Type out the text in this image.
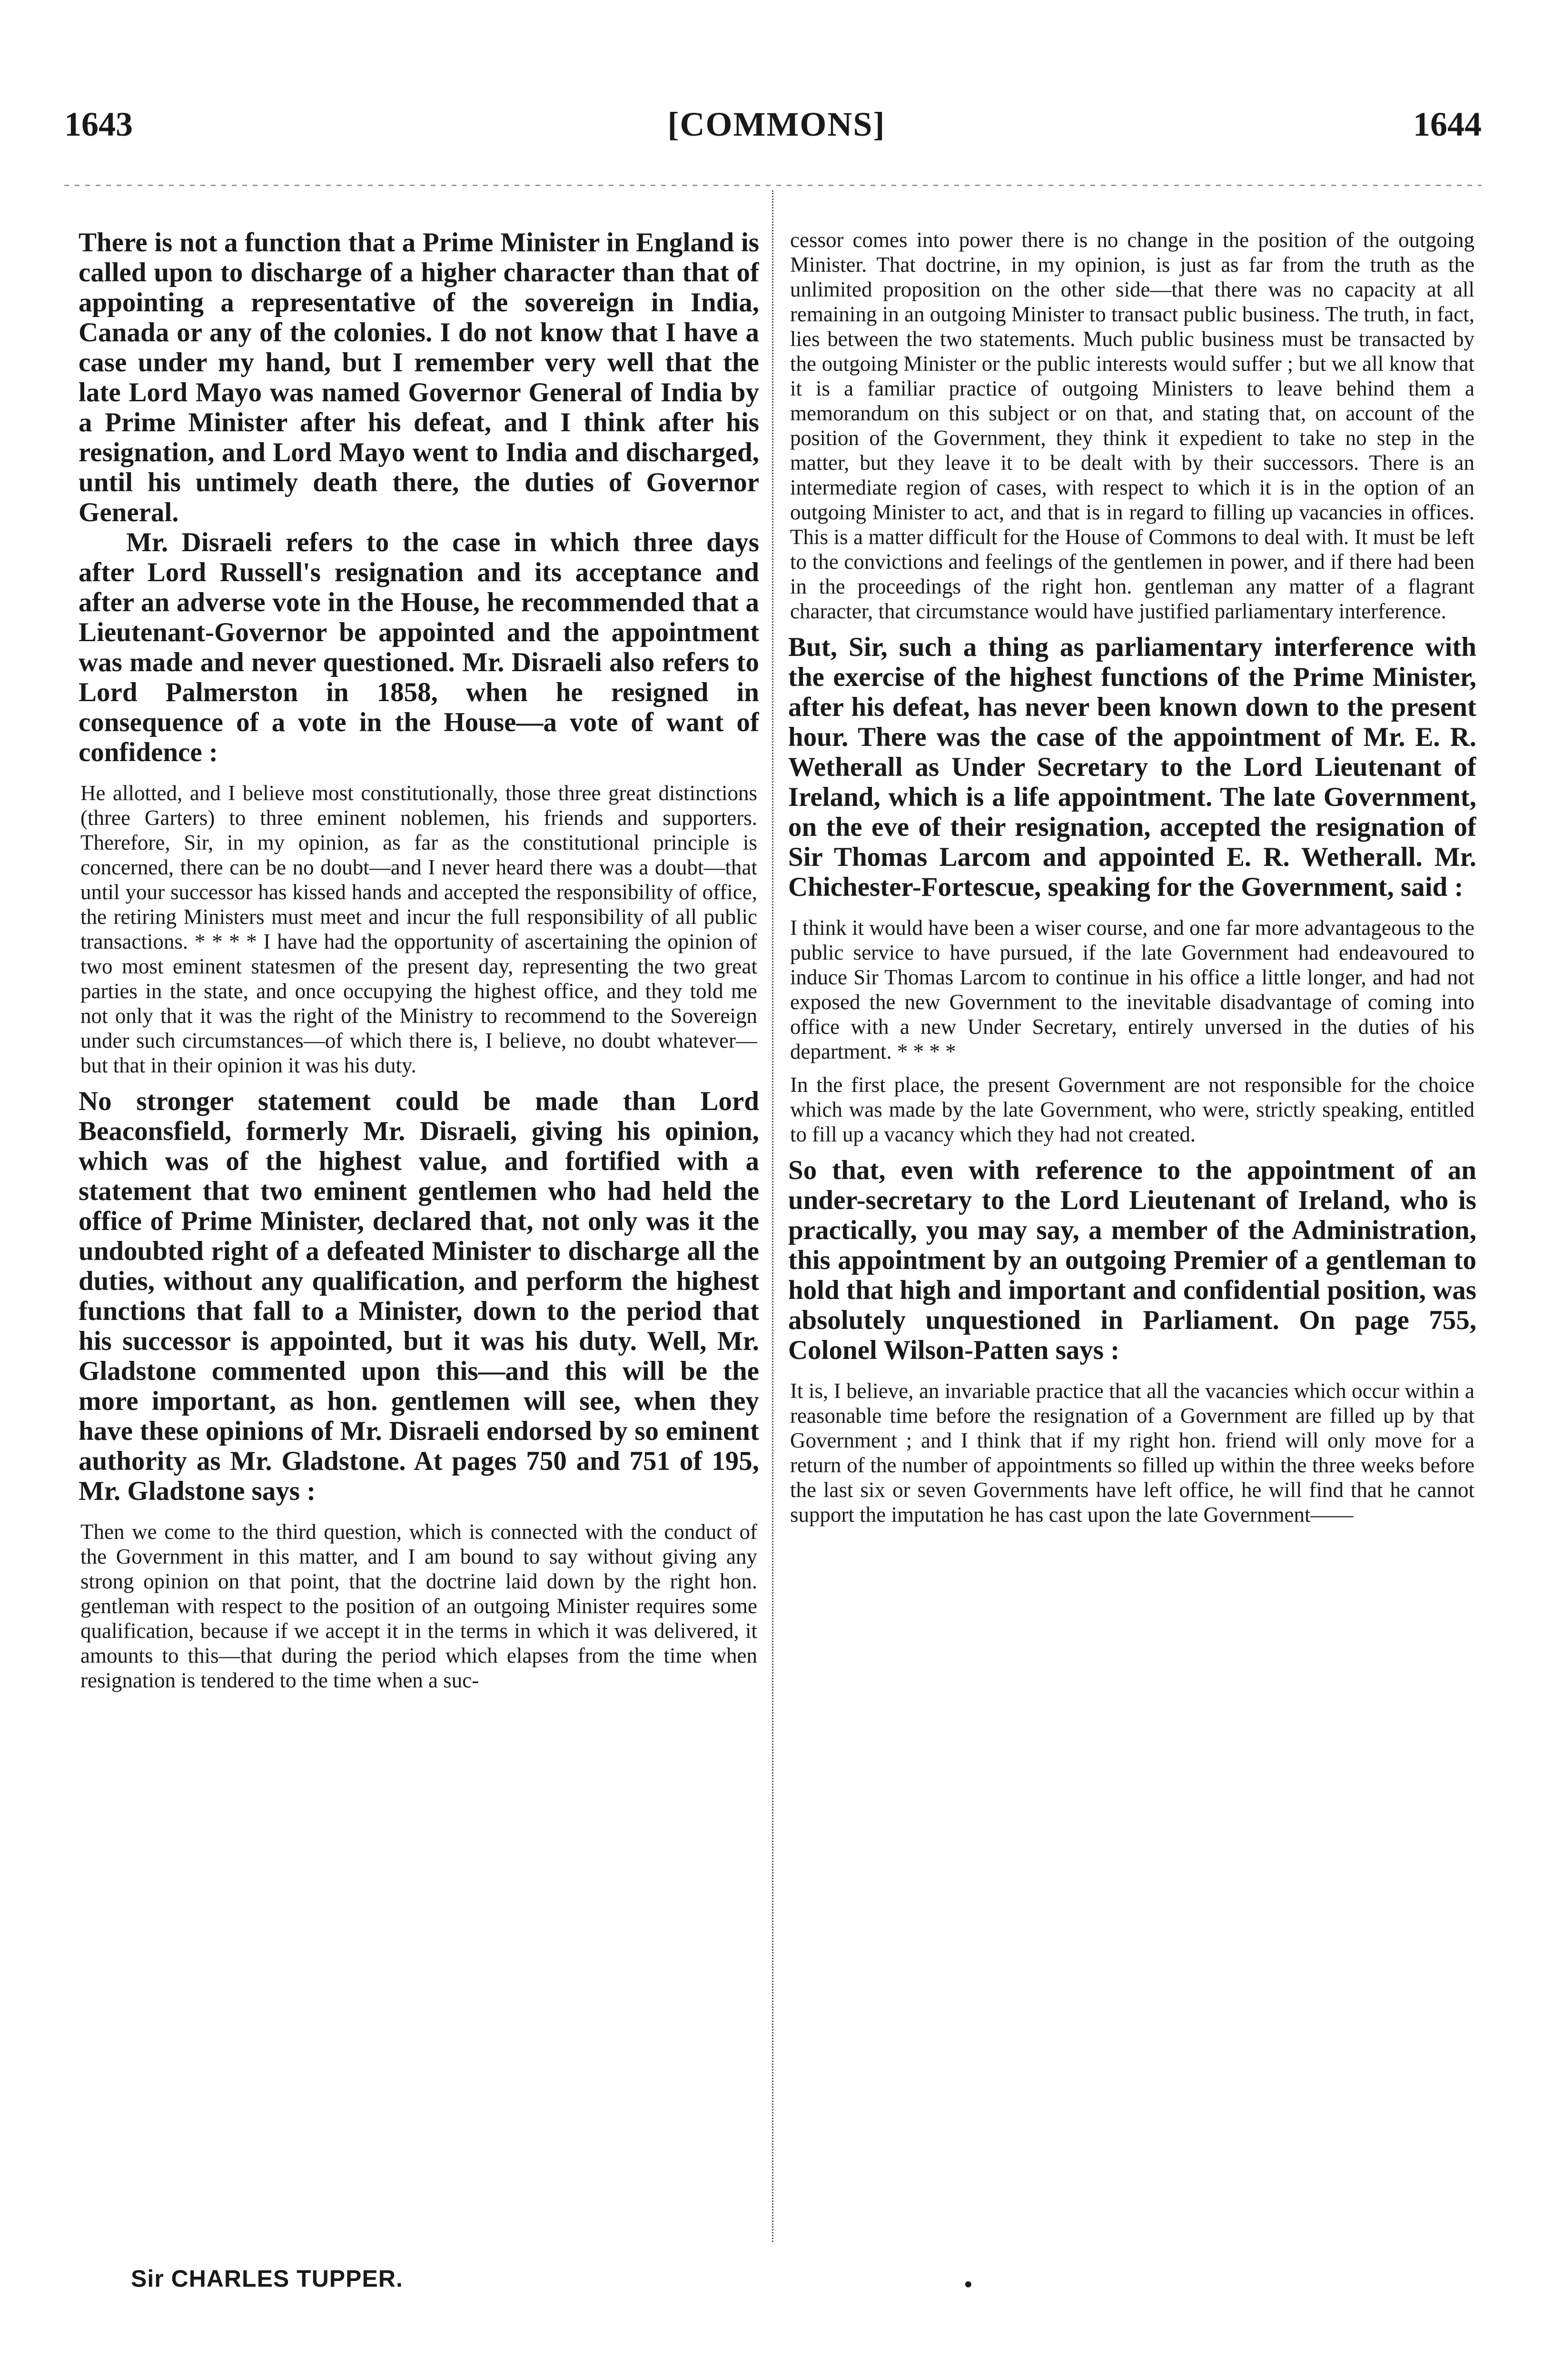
1643	[COMMONS]	1644

There is not a function that a Prime Minister in England is called upon to discharge of a higher character than that of appointing a representative of the sovereign in India, Canada or any of the colonies. I do not know that I have a case under my hand, but I remember very well that the late Lord Mayo was named Governor General of India by a Prime Minister after his defeat, and I think after his resignation, and Lord Mayo went to India and discharged, until his untimely death there, the duties of Governor General.

Mr. Disraeli refers to the case in which three days after Lord Russell's resignation and its acceptance and after an adverse vote in the House, he recommended that a Lieutenant-Governor be appointed and the appointment was made and never questioned. Mr. Disraeli also refers to Lord Palmerston in 1858, when he resigned in consequence of a vote in the House—a vote of want of confidence :

He allotted, and I believe most constitutionally, those three great distinctions (three Garters) to three eminent noblemen, his friends and supporters. Therefore, Sir, in my opinion, as far as the constitutional principle is concerned, there can be no doubt—and I never heard there was a doubt—that until your successor has kissed hands and accepted the responsibility of office, the retiring Ministers must meet and incur the full responsibility of all public transactions. * * * * I have had the opportunity of ascertaining the opinion of two most eminent statesmen of the present day, representing the two great parties in the state, and once occupying the highest office, and they told me not only that it was the right of the Ministry to recommend to the Sovereign under such circumstances—of which there is, I believe, no doubt whatever—but that in their opinion it was his duty.

No stronger statement could be made than Lord Beaconsfield, formerly Mr. Disraeli, giving his opinion, which was of the highest value, and fortified with a statement that two eminent gentlemen who had held the office of Prime Minister, declared that, not only was it the undoubted right of a defeated Minister to discharge all the duties, without any qualification, and perform the highest functions that fall to a Minister, down to the period that his successor is appointed, but it was his duty. Well, Mr. Gladstone commented upon this—and this will be the more important, as hon. gentlemen will see, when they have these opinions of Mr. Disraeli endorsed by so eminent authority as Mr. Gladstone. At pages 750 and 751 of 195, Mr. Gladstone says :

Then we come to the third question, which is connected with the conduct of the Government in this matter, and I am bound to say without giving any strong opinion on that point, that the doctrine laid down by the right hon. gentleman with respect to the position of an outgoing Minister requires some qualification, because if we accept it in the terms in which it was delivered, it amounts to this—that during the period which elapses from the time when resignation is tendered to the time when a suc-

cessor comes into power there is no change in the position of the outgoing Minister. That doctrine, in my opinion, is just as far from the truth as the unlimited proposition on the other side—that there was no capacity at all remaining in an outgoing Minister to transact public business. The truth, in fact, lies between the two statements. Much public business must be transacted by the outgoing Minister or the public interests would suffer ; but we all know that it is a familiar practice of outgoing Ministers to leave behind them a memorandum on this subject or on that, and stating that, on account of the position of the Government, they think it expedient to take no step in the matter, but they leave it to be dealt with by their successors. There is an intermediate region of cases, with respect to which it is in the option of an outgoing Minister to act, and that is in regard to filling up vacancies in offices. This is a matter difficult for the House of Commons to deal with. It must be left to the convictions and feelings of the gentlemen in power, and if there had been in the proceedings of the right hon. gentleman any matter of a flagrant character, that circumstance would have justified parliamentary interference.

But, Sir, such a thing as parliamentary interference with the exercise of the highest functions of the Prime Minister, after his defeat, has never been known down to the present hour. There was the case of the appointment of Mr. E. R. Wetherall as Under Secretary to the Lord Lieutenant of Ireland, which is a life appointment. The late Government, on the eve of their resignation, accepted the resignation of Sir Thomas Larcom and appointed E. R. Wetherall. Mr. Chichester-Fortescue, speaking for the Government, said :

I think it would have been a wiser course, and one far more advantageous to the public service to have pursued, if the late Government had endeavoured to induce Sir Thomas Larcom to continue in his office a little longer, and had not exposed the new Government to the inevitable disadvantage of coming into office with a new Under Secretary, entirely unversed in the duties of his department. * * * *

In the first place, the present Government are not responsible for the choice which was made by the late Government, who were, strictly speaking, entitled to fill up a vacancy which they had not created.

So that, even with reference to the appointment of an under-secretary to the Lord Lieutenant of Ireland, who is practically, you may say, a member of the Administration, this appointment by an outgoing Premier of a gentleman to hold that high and important and confidential position, was absolutely unquestioned in Parliament. On page 755, Colonel Wilson-Patten says :

It is, I believe, an invariable practice that all the vacancies which occur within a reasonable time before the resignation of a Government are filled up by that Government ; and I think that if my right hon. friend will only move for a return of the number of appointments so filled up within the three weeks before the last six or seven Governments have left office, he will find that he cannot support the imputation he has cast upon the late Government——

Sir CHARLES TUPPER.	•
